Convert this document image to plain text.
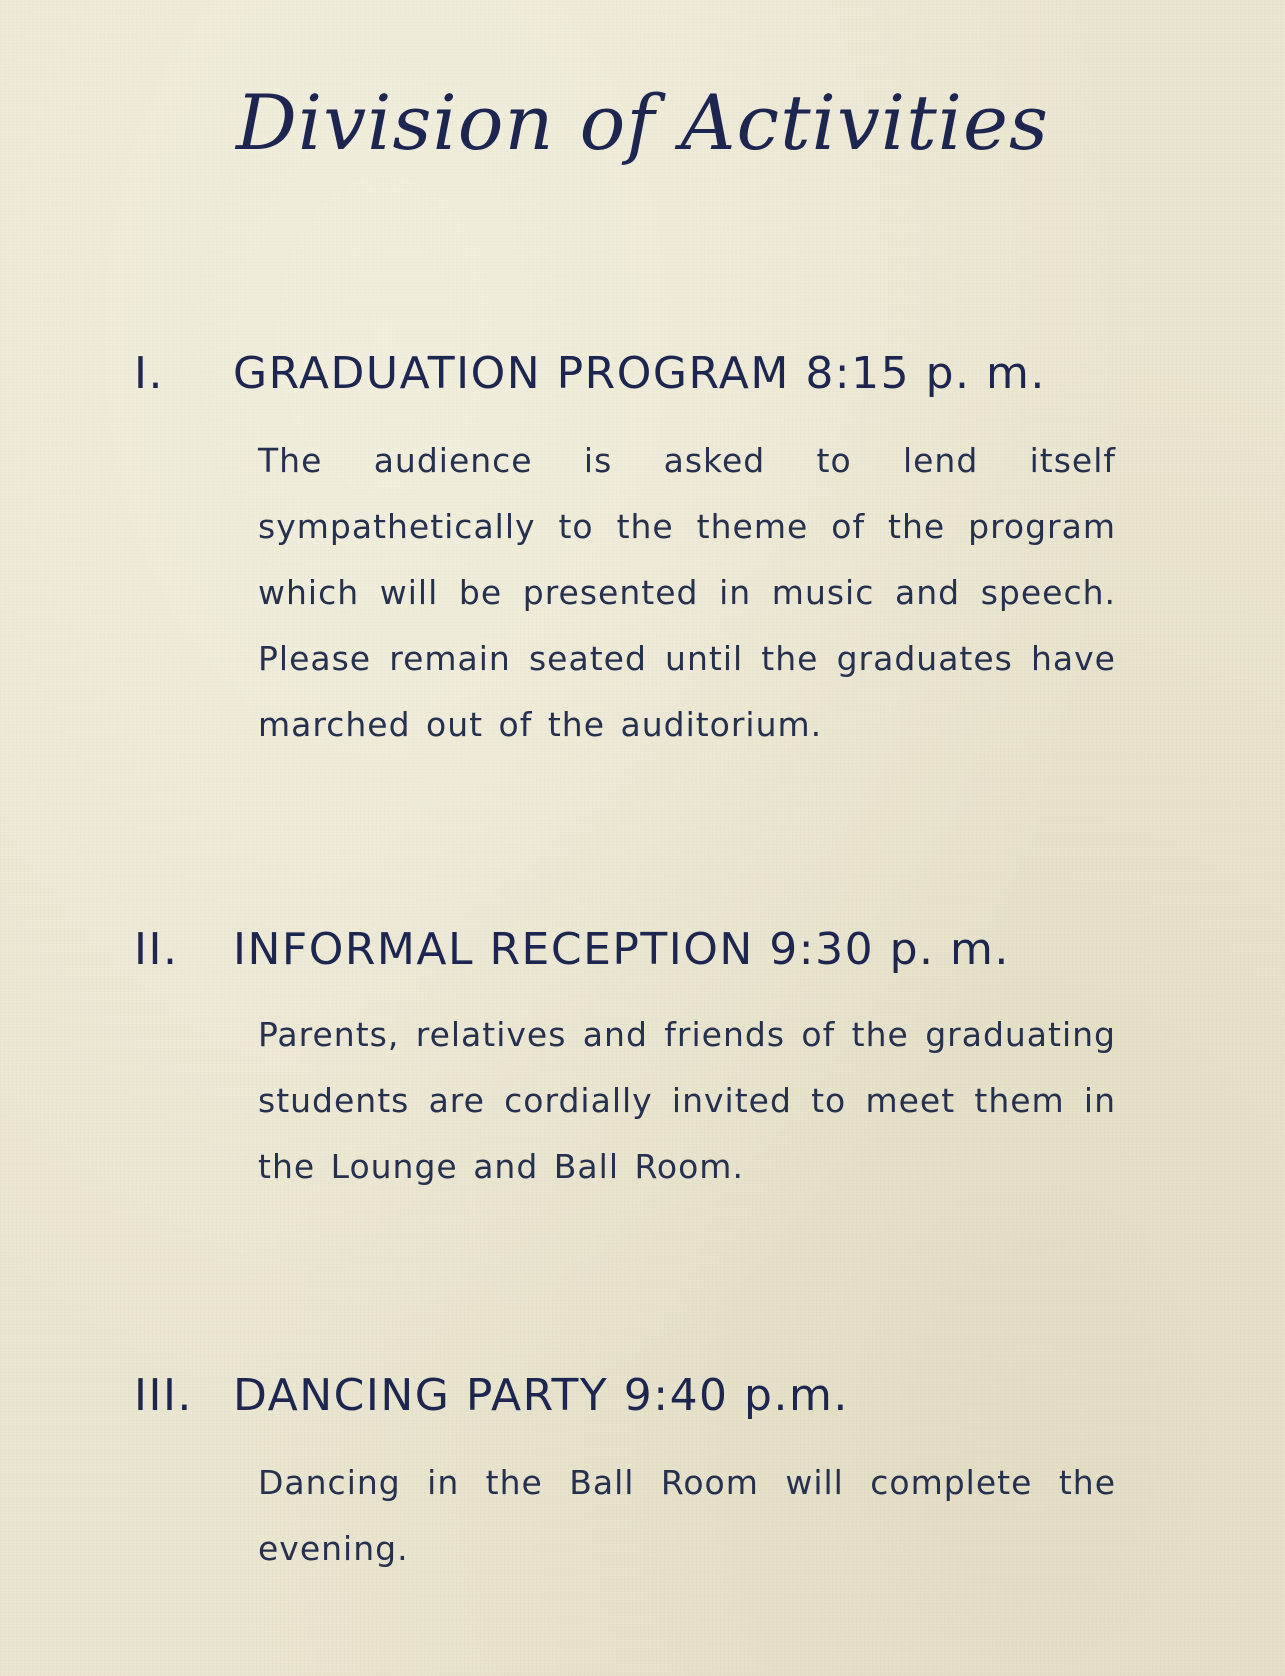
Division of Activities
I. GRADUATION PROGRAM 8:15 p. m.

The audience is asked to lend itself sympathetically to the theme of the program which will be presented in music and speech. Please remain seated until the graduates have marched out of the auditorium.

II. INFORMAL RECEPTION 9:30 p. m.

Parents, relatives and friends of the graduating students are cordially invited to meet them in the Lounge and Ball Room.

III. DANCING PARTY 9:40 p.m.

Dancing in the Ball Room will complete the evening.
